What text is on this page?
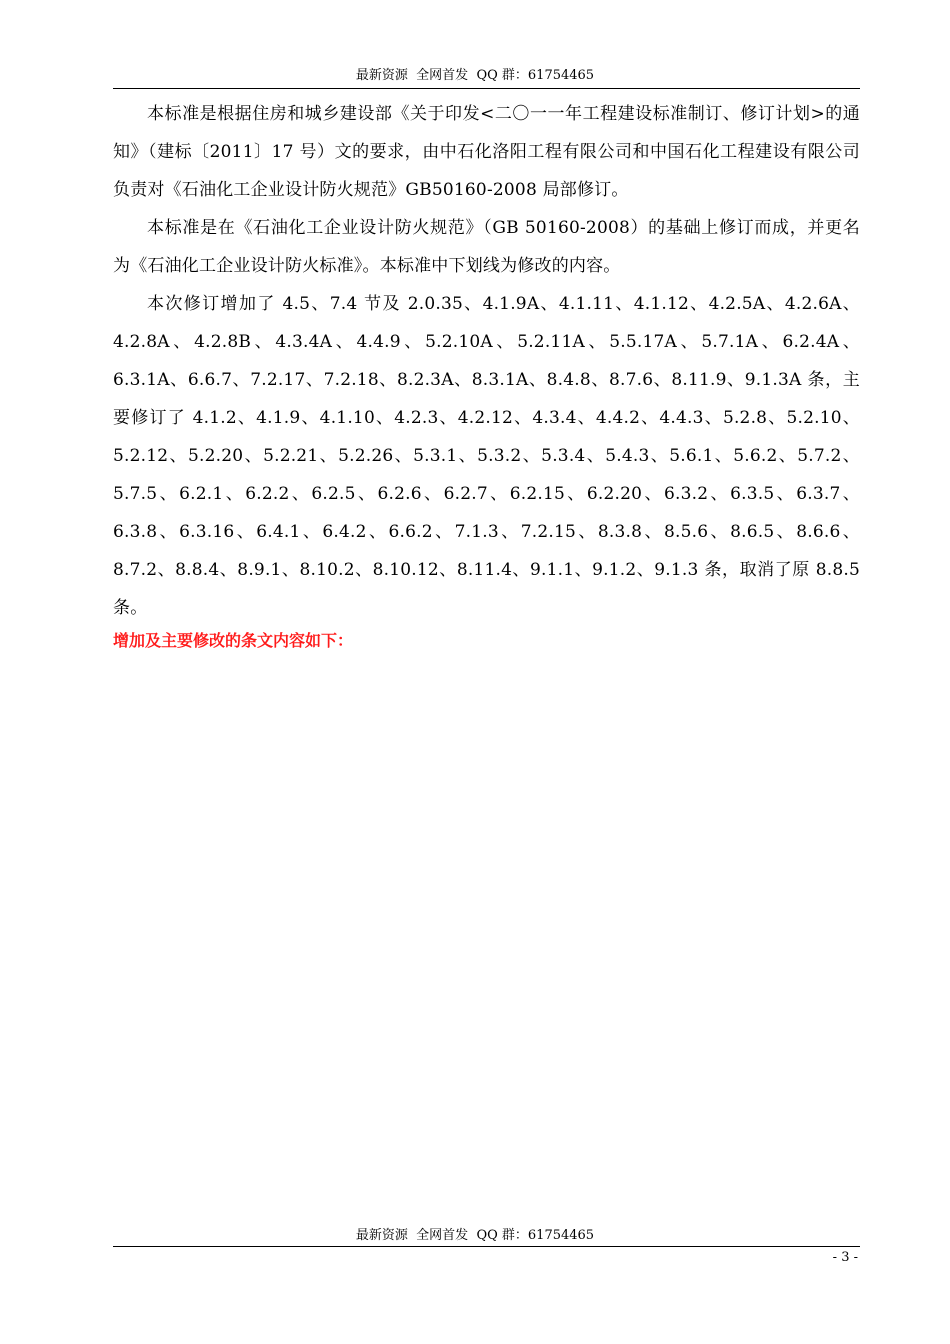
最新资源  全网首发  QQ 群：61754465

本标准是根据住房和城乡建设部《关于印发<二〇一一年工程建设标准制订、修订计划>的通知》（建标〔2011〕17 号）文的要求，由中石化洛阳工程有限公司和中国石化工程建设有限公司负责对《石油化工企业设计防火规范》GB50160-2008 局部修订。

本标准是在《石油化工企业设计防火规范》（GB 50160-2008）的基础上修订而成，并更名为《石油化工企业设计防火标准》。本标准中下划线为修改的内容。

本次修订增加了 4.5、7.4 节及 2.0.35、4.1.9A、4.1.11、4.1.12、4.2.5A、4.2.6A、4.2.8A、4.2.8B、4.3.4A、4.4.9、5.2.10A、5.2.11A、5.5.17A、5.7.1A、6.2.4A、6.3.1A、6.6.7、7.2.17、7.2.18、8.2.3A、8.3.1A、8.4.8、8.7.6、8.11.9、9.1.3A 条，主要修订了 4.1.2、4.1.9、4.1.10、4.2.3、4.2.12、4.3.4、4.4.2、4.4.3、5.2.8、5.2.10、5.2.12、5.2.20、5.2.21、5.2.26、5.3.1、5.3.2、5.3.4、5.4.3、5.6.1、5.6.2、5.7.2、5.7.5、6.2.1、6.2.2、6.2.5、6.2.6、6.2.7、6.2.15、6.2.20、6.3.2、6.3.5、6.3.7、6.3.8、6.3.16、6.4.1、6.4.2、6.6.2、7.1.3、7.2.15、8.3.8、8.5.6、8.6.5、8.6.6、8.7.2、8.8.4、8.9.1、8.10.2、8.10.12、8.11.4、9.1.1、9.1.2、9.1.3 条，取消了原 8.8.5 条。

增加及主要修改的条文内容如下：
最新资源  全网首发  QQ 群：61754465
- 3 -
